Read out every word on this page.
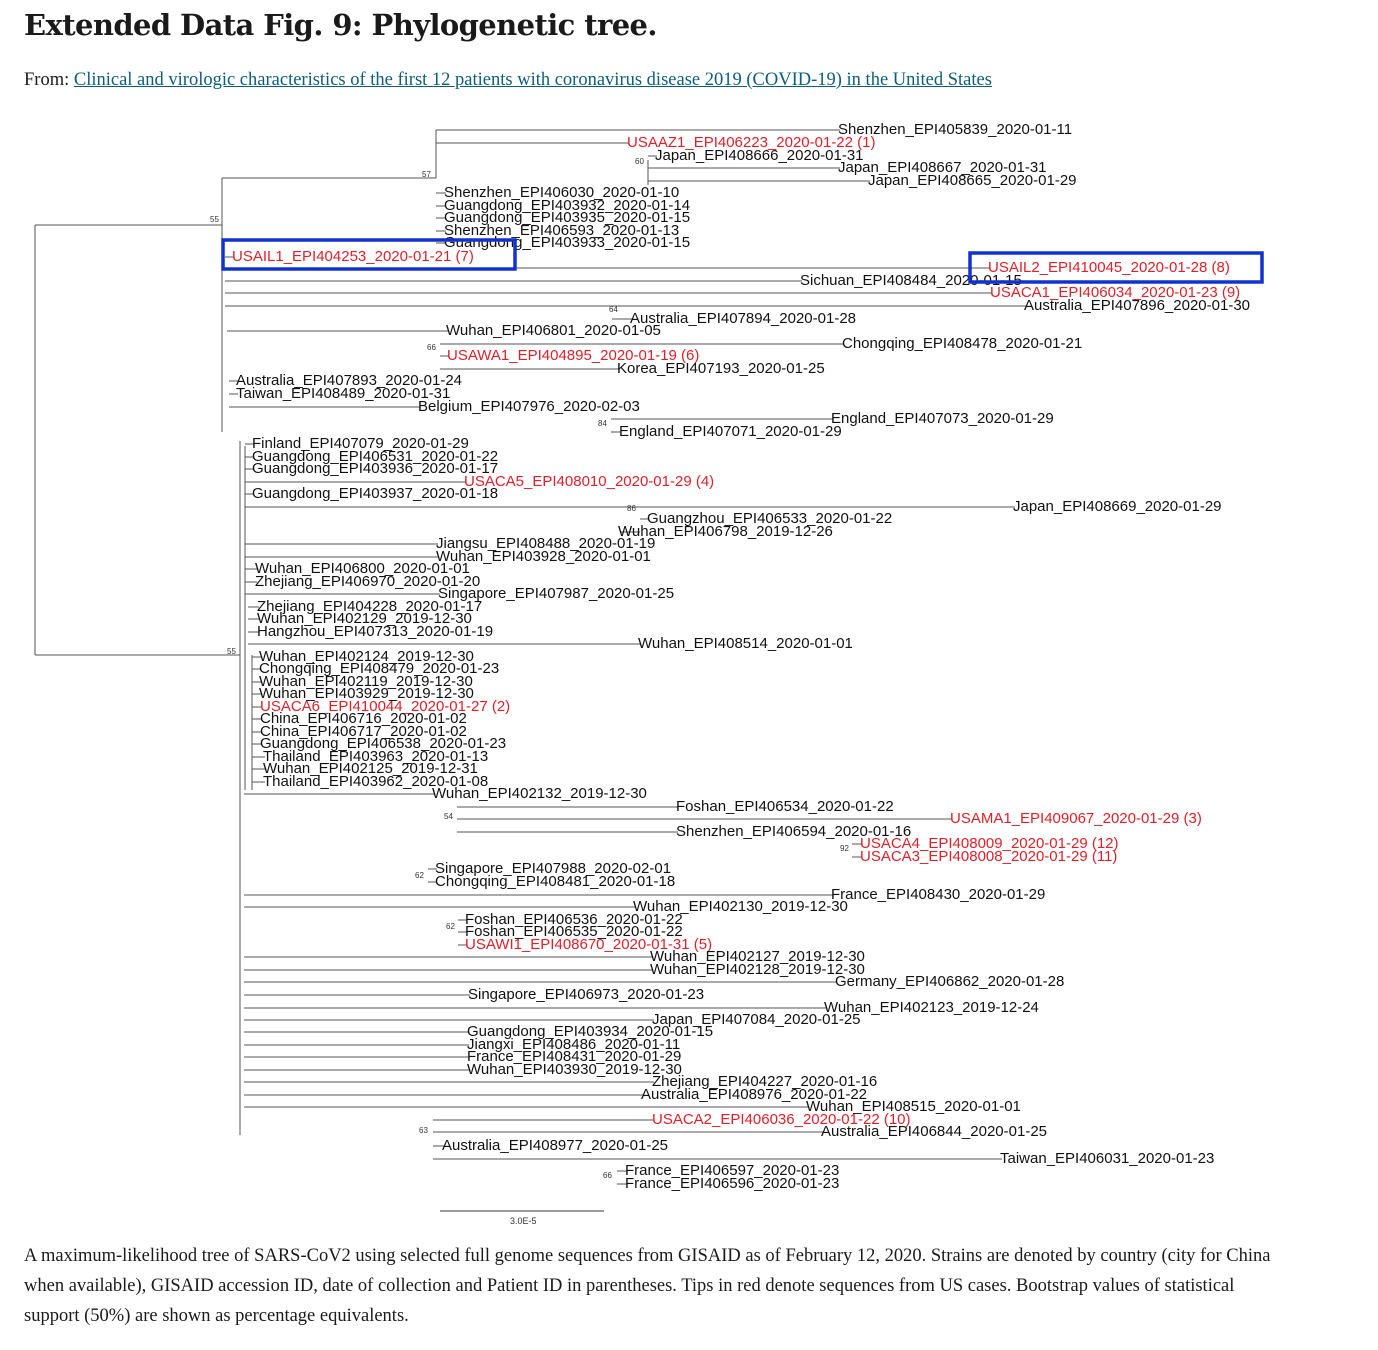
Extended Data Fig. 9: Phylogenetic tree.
From: Clinical and virologic characteristics of the first 12 patients with coronavirus disease 2019 (COVID-19) in the United States
Shenzhen_EPI405839_2020-01-11
USAAZ1_EPI406223_2020-01-22 (1)
Japan_EPI408666_2020-01-31
Japan_EPI408667_2020-01-31
Japan_EPI408665_2020-01-29
Shenzhen_EPI406030_2020-01-10
Guangdong_EPI403932_2020-01-14
Guangdong_EPI403935_2020-01-15
Shenzhen_EPI406593_2020-01-13
Guangdong_EPI403933_2020-01-15
USAIL1_EPI404253_2020-01-21 (7)
USAIL2_EPI410045_2020-01-28 (8)
Sichuan_EPI408484_2020-01-15
USACA1_EPI406034_2020-01-23 (9)
Australia_EPI407896_2020-01-30
Australia_EPI407894_2020-01-28
Wuhan_EPI406801_2020-01-05
Chongqing_EPI408478_2020-01-21
USAWA1_EPI404895_2020-01-19 (6)
Korea_EPI407193_2020-01-25
Australia_EPI407893_2020-01-24
Taiwan_EPI408489_2020-01-31
Belgium_EPI407976_2020-02-03
England_EPI407073_2020-01-29
England_EPI407071_2020-01-29
Finland_EPI407079_2020-01-29
Guangdong_EPI406531_2020-01-22
Guangdong_EPI403936_2020-01-17
USACA5_EPI408010_2020-01-29 (4)
Guangdong_EPI403937_2020-01-18
Japan_EPI408669_2020-01-29
Guangzhou_EPI406533_2020-01-22
Wuhan_EPI406798_2019-12-26
Jiangsu_EPI408488_2020-01-19
Wuhan_EPI403928_2020-01-01
Wuhan_EPI406800_2020-01-01
Zhejiang_EPI406970_2020-01-20
Singapore_EPI407987_2020-01-25
Zhejiang_EPI404228_2020-01-17
Wuhan_EPI402129_2019-12-30
Hangzhou_EPI407313_2020-01-19
Wuhan_EPI408514_2020-01-01
Wuhan_EPI402124_2019-12-30
Chongqing_EPI408479_2020-01-23
Wuhan_EPI402119_2019-12-30
Wuhan_EPI403929_2019-12-30
USACA6_EPI410044_2020-01-27 (2)
China_EPI406716_2020-01-02
China_EPI406717_2020-01-02
Guangdong_EPI406538_2020-01-23
Thailand_EPI403963_2020-01-13
Wuhan_EPI402125_2019-12-31
Thailand_EPI403962_2020-01-08
Wuhan_EPI402132_2019-12-30
Foshan_EPI406534_2020-01-22
USAMA1_EPI409067_2020-01-29 (3)
Shenzhen_EPI406594_2020-01-16
USACA4_EPI408009_2020-01-29 (12)
USACA3_EPI408008_2020-01-29 (11)
Singapore_EPI407988_2020-02-01
Chongqing_EPI408481_2020-01-18
France_EPI408430_2020-01-29
Wuhan_EPI402130_2019-12-30
Foshan_EPI406536_2020-01-22
Foshan_EPI406535_2020-01-22
USAWI1_EPI408670_2020-01-31 (5)
Wuhan_EPI402127_2019-12-30
Wuhan_EPI402128_2019-12-30
Germany_EPI406862_2020-01-28
Singapore_EPI406973_2020-01-23
Wuhan_EPI402123_2019-12-24
Japan_EPI407084_2020-01-25
Guangdong_EPI403934_2020-01-15
Jiangxi_EPI408486_2020-01-11
France_EPI408431_2020-01-29
Wuhan_EPI403930_2019-12-30
Zhejiang_EPI404227_2020-01-16
Australia_EPI408976_2020-01-22
Wuhan_EPI408515_2020-01-01
USACA2_EPI406036_2020-01-22 (10)
Australia_EPI406844_2020-01-25
Australia_EPI408977_2020-01-25
Taiwan_EPI406031_2020-01-23
France_EPI406597_2020-01-23
France_EPI406596_2020-01-23
55
57
60
64
66
84
86
55
54
92
62
62
63
66
3.0E-5

A maximum-likelihood tree of SARS-CoV2 using selected full genome sequences from GISAID as of February 12, 2020. Strains are denoted by country (city for China when available), GISAID accession ID, date of collection and Patient ID in parentheses. Tips in red denote sequences from US cases. Bootstrap values of statistical support (50%) are shown as percentage equivalents.
